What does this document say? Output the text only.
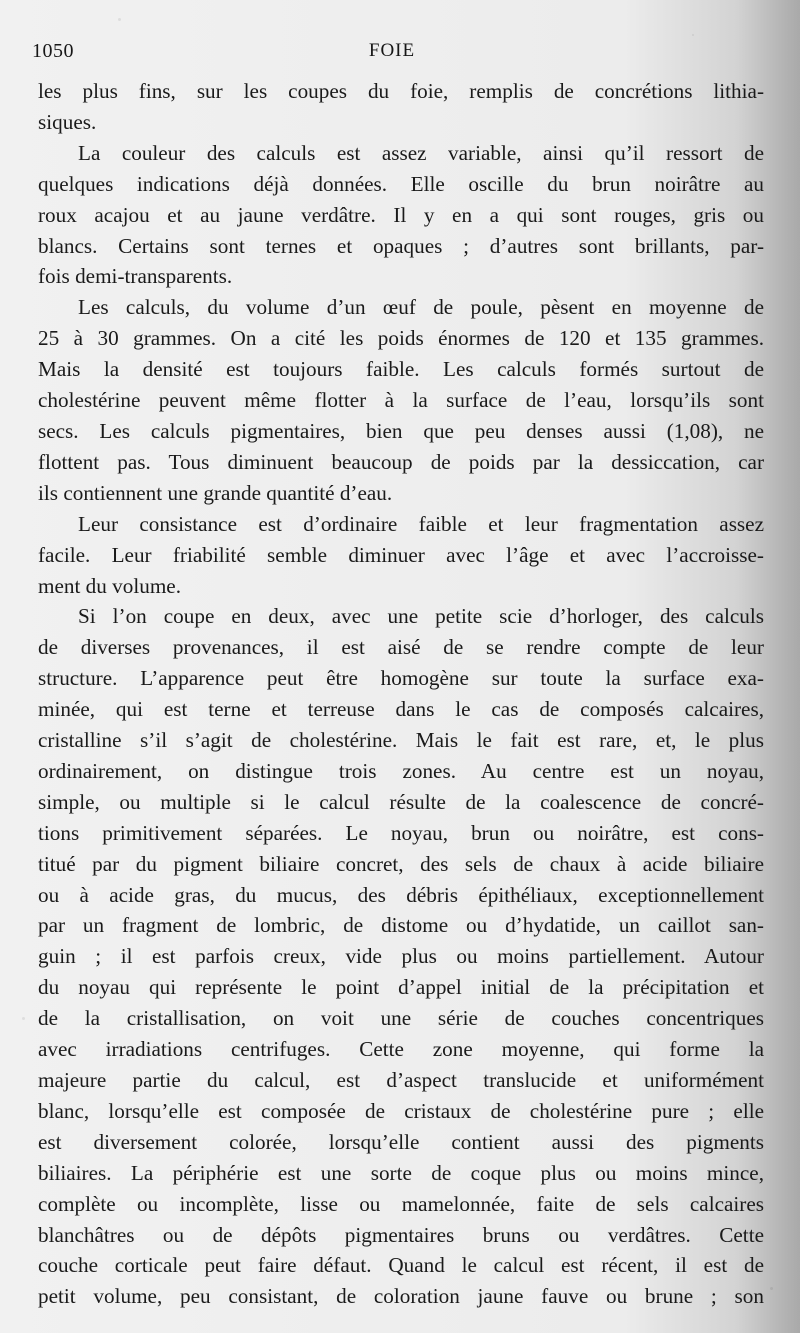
1050	FOIE
les plus fins, sur les coupes du foie, remplis de concrétions lithia-
siques.
La couleur des calculs est assez variable, ainsi qu’il ressort de
quelques indications déjà données. Elle oscille du brun noirâtre au
roux acajou et au jaune verdâtre. Il y en a qui sont rouges, gris ou
blancs. Certains sont ternes et opaques ; d’autres sont brillants, par-
fois demi-transparents.
Les calculs, du volume d’un œuf de poule, pèsent en moyenne de
25 à 30 grammes. On a cité les poids énormes de 120 et 135 grammes.
Mais la densité est toujours faible. Les calculs formés surtout de
cholestérine peuvent même flotter à la surface de l’eau, lorsqu’ils sont
secs. Les calculs pigmentaires, bien que peu denses aussi (1,08), ne
flottent pas. Tous diminuent beaucoup de poids par la dessiccation, car
ils contiennent une grande quantité d’eau.
Leur consistance est d’ordinaire faible et leur fragmentation assez
facile. Leur friabilité semble diminuer avec l’âge et avec l’accroisse-
ment du volume.
Si l’on coupe en deux, avec une petite scie d’horloger, des calculs
de diverses provenances, il est aisé de se rendre compte de leur
structure. L’apparence peut être homogène sur toute la surface exa-
minée, qui est terne et terreuse dans le cas de composés calcaires,
cristalline s’il s’agit de cholestérine. Mais le fait est rare, et, le plus
ordinairement, on distingue trois zones. Au centre est un noyau,
simple, ou multiple si le calcul résulte de la coalescence de concré-
tions primitivement séparées. Le noyau, brun ou noirâtre, est cons-
titué par du pigment biliaire concret, des sels de chaux à acide biliaire
ou à acide gras, du mucus, des débris épithéliaux, exceptionnellement
par un fragment de lombric, de distome ou d’hydatide, un caillot san-
guin ; il est parfois creux, vide plus ou moins partiellement. Autour
du noyau qui représente le point d’appel initial de la précipitation et
de la cristallisation, on voit une série de couches concentriques
avec irradiations centrifuges. Cette zone moyenne, qui forme la
majeure partie du calcul, est d’aspect translucide et uniformément
blanc, lorsqu’elle est composée de cristaux de cholestérine pure ; elle
est diversement colorée, lorsqu’elle contient aussi des pigments
biliaires. La périphérie est une sorte de coque plus ou moins mince,
complète ou incomplète, lisse ou mamelonnée, faite de sels calcaires
blanchâtres ou de dépôts pigmentaires bruns ou verdâtres. Cette
couche corticale peut faire défaut. Quand le calcul est récent, il est de
petit volume, peu consistant, de coloration jaune fauve ou brune ; son
